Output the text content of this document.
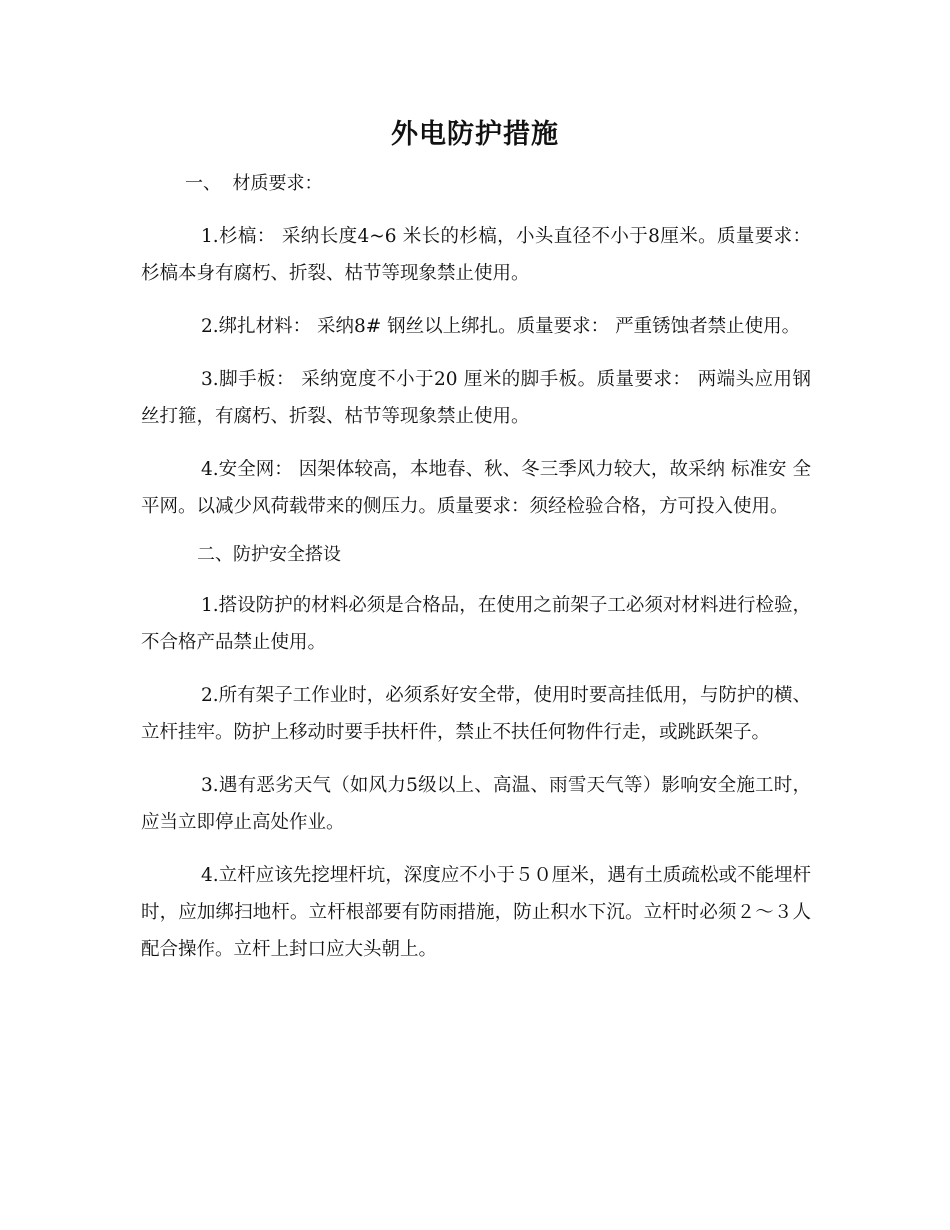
外电防护措施
一、  材质要求：

1.杉槁： 采纳长度4~6 米长的杉槁，小头直径不小于8厘米。质量要求：杉槁本身有腐朽、折裂、枯节等现象禁止使用。

2.绑扎材料： 采纳8# 钢丝以上绑扎。质量要求： 严重锈蚀者禁止使用。

3.脚手板： 采纳宽度不小于20 厘米的脚手板。质量要求： 两端头应用钢丝打箍，有腐朽、折裂、枯节等现象禁止使用。

4.安全网： 因架体较高，本地春、秋、冬三季风力较大，故采纳 标准安 全平网。以减少风荷载带来的侧压力。质量要求：须经检验合格，方可投入使用。

二、防护安全搭设

1.搭设防护的材料必须是合格品，在使用之前架子工必须对材料进行检验，不合格产品禁止使用。

2.所有架子工作业时，必须系好安全带，使用时要高挂低用，与防护的横、立杆挂牢。防护上移动时要手扶杆件，禁止不扶任何物件行走，或跳跃架子。

3.遇有恶劣天气（如风力5级以上、高温、雨雪天气等）影响安全施工时，应当立即停止高处作业。

4.立杆应该先挖埋杆坑，深度应不小于５０厘米，遇有土质疏松或不能埋杆时，应加绑扫地杆。立杆根部要有防雨措施，防止积水下沉。立杆时必须２～３人配合操作。立杆上封口应大头朝上。
